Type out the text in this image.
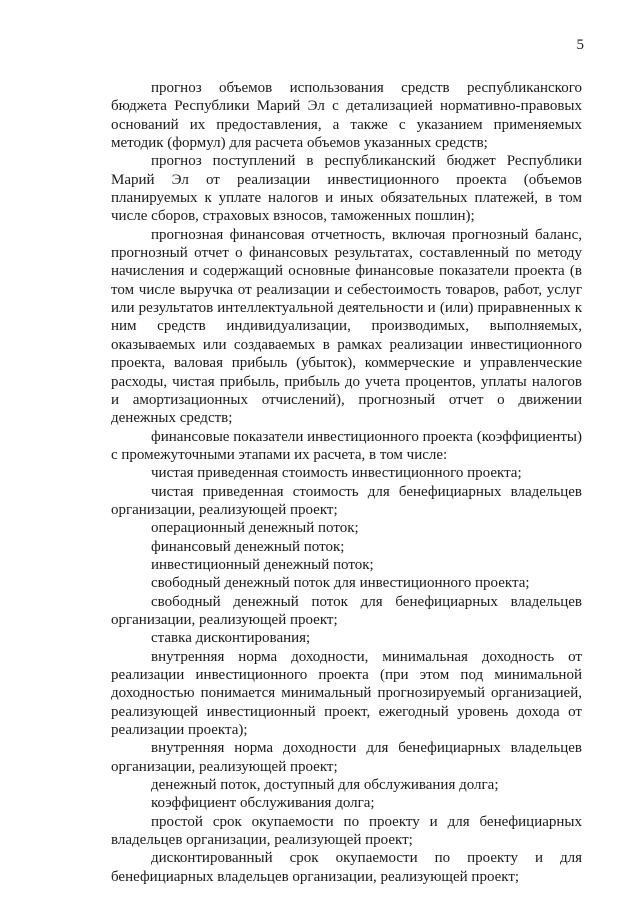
5

прогноз объемов использования средств республиканского бюджета Республики Марий Эл с детализацией нормативно-правовых оснований их предоставления, а также с указанием применяемых методик (формул) для расчета объемов указанных средств;

прогноз поступлений в республиканский бюджет Республики Марий Эл от реализации инвестиционного проекта (объемов планируемых к уплате налогов и иных обязательных платежей, в том числе сборов, страховых взносов, таможенных пошлин);

прогнозная финансовая отчетность, включая прогнозный баланс, прогнозный отчет о финансовых результатах, составленный по методу начисления и содержащий основные финансовые показатели проекта (в том числе выручка от реализации и себестоимость товаров, работ, услуг или результатов интеллектуальной деятельности и (или) приравненных к ним средств индивидуализации, производимых, выполняемых, оказываемых или создаваемых в рамках реализации инвестиционного проекта, валовая прибыль (убыток), коммерческие и управленческие расходы, чистая прибыль, прибыль до учета процентов, уплаты налогов и амортизационных отчислений), прогнозный отчет о движении денежных средств;

финансовые показатели инвестиционного проекта (коэффициенты) с промежуточными этапами их расчета, в том числе:

чистая приведенная стоимость инвестиционного проекта;

чистая приведенная стоимость для бенефициарных владельцев организации, реализующей проект;

операционный денежный поток;

финансовый денежный поток;

инвестиционный денежный поток;

свободный денежный поток для инвестиционного проекта;

свободный денежный поток для бенефициарных владельцев организации, реализующей проект;

ставка дисконтирования;

внутренняя норма доходности, минимальная доходность от реализации инвестиционного проекта (при этом под минимальной доходностью понимается минимальный прогнозируемый организацией, реализующей инвестиционный проект, ежегодный уровень дохода от реализации проекта);

внутренняя норма доходности для бенефициарных владельцев организации, реализующей проект;

денежный поток, доступный для обслуживания долга;

коэффициент обслуживания долга;

простой срок окупаемости по проекту и для бенефициарных владельцев организации, реализующей проект;

дисконтированный срок окупаемости по проекту и для бенефициарных владельцев организации, реализующей проект;
